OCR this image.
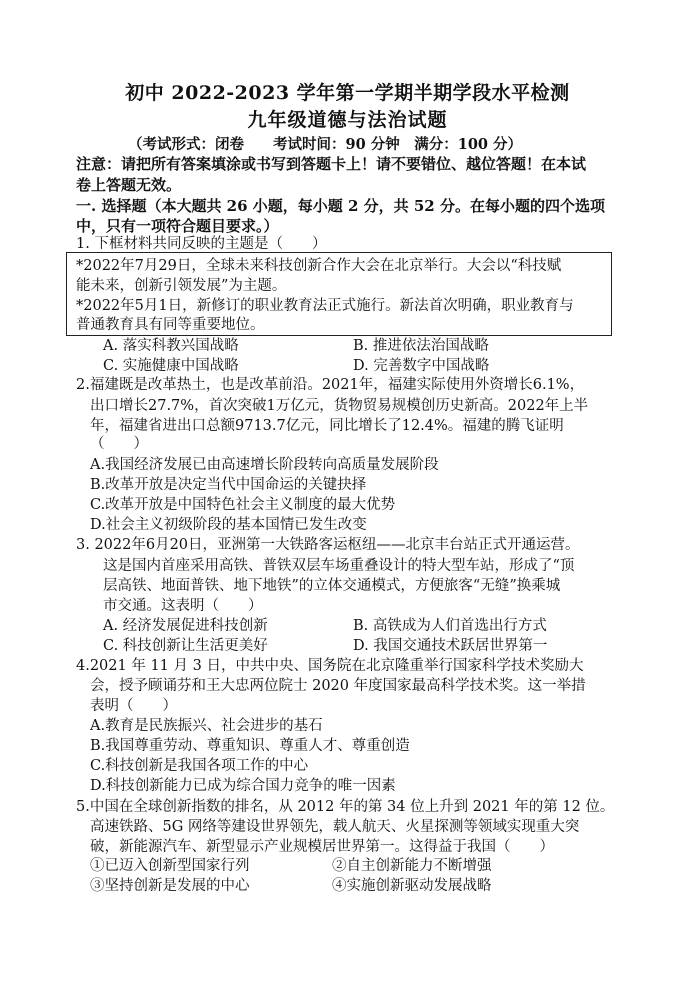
初中 2022-2023 学年第一学期半期学段水平检测
九年级道德与法治试题
（考试形式：闭卷　　考试时间：90 分钟　满分：100 分）
注意：请把所有答案填涂或书写到答题卡上！请不要错位、越位答题！在本试
卷上答题无效。
一. 选择题（本大题共 26 小题，每小题 2 分，共 52 分。在每小题的四个选项
中，只有一项符合题目要求。）
1. 下框材料共同反映的主题是（　　）
*2022年7月29日，全球未来科技创新合作大会在北京举行。大会以“科技赋
能未来，创新引领发展”为主题。
*2022年5月1日，新修订的职业教育法正式施行。新法首次明确，职业教育与
普通教育具有同等重要地位。
A. 落实科教兴国战略	B. 推进依法治国战略
C. 实施健康中国战略	D. 完善数字中国战略
2.福建既是改革热土，也是改革前沿。2021年，福建实际使用外资增长6.1%，
出口增长27.7%，首次突破1万亿元，货物贸易规模创历史新高。2022年上半
年，福建省进出口总额9713.7亿元，同比增长了12.4%。福建的腾飞证明
（　　）
A.我国经济发展已由高速增长阶段转向高质量发展阶段
B.改革开放是决定当代中国命运的关键抉择
C.改革开放是中国特色社会主义制度的最大优势
D.社会主义初级阶段的基本国情已发生改变
3. 2022年6月20日，亚洲第一大铁路客运枢纽——北京丰台站正式开通运营。
这是国内首座采用高铁、普铁双层车场重叠设计的特大型车站，形成了“顶
层高铁、地面普铁、地下地铁”的立体交通模式，方便旅客“无缝”换乘城
市交通。这表明（　　）
A. 经济发展促进科技创新	B. 高铁成为人们首选出行方式
C. 科技创新让生活更美好	D. 我国交通技术跃居世界第一
4.2021 年 11 月 3 日，中共中央、国务院在北京隆重举行国家科学技术奖励大
会，授予顾诵芬和王大忠两位院士 2020 年度国家最高科学技术奖。这一举措
表明（　　）
A.教育是民族振兴、社会进步的基石
B.我国尊重劳动、尊重知识、尊重人才、尊重创造
C.科技创新是我国各项工作的中心
D.科技创新能力已成为综合国力竞争的唯一因素
5.中国在全球创新指数的排名，从 2012 年的第 34 位上升到 2021 年的第 12 位。
高速铁路、5G 网络等建设世界领先，载人航天、火星探测等领域实现重大突
破，新能源汽车、新型显示产业规模居世界第一。这得益于我国（　　）
①已迈入创新型国家行列	②自主创新能力不断增强
③坚持创新是发展的中心	④实施创新驱动发展战略
